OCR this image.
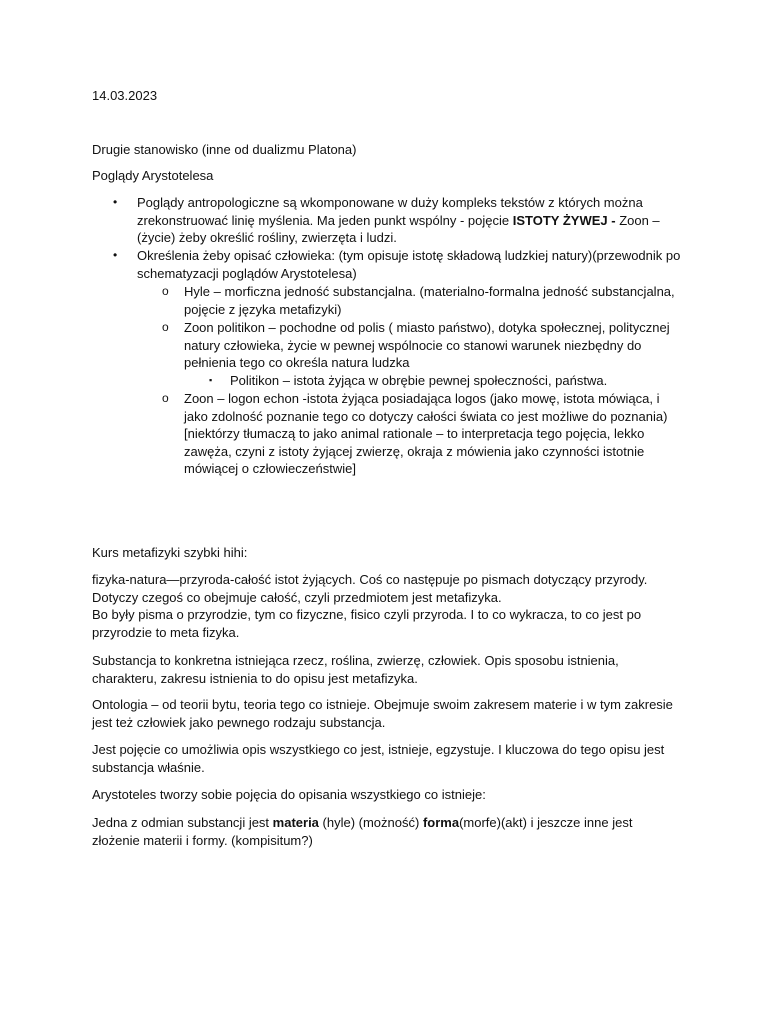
14.03.2023

Drugie stanowisko (inne od dualizmu Platona)

Poglądy Arystotelesa

• Poglądy antropologiczne są wkomponowane w duży kompleks tekstów z których można zrekonstruować linię myślenia. Ma jeden punkt wspólny - pojęcie ISTOTY ŻYWEJ - Zoon – (życie) żeby określić rośliny, zwierzęta i ludzi.

• Określenia żeby opisać człowieka: (tym opisuje istotę składową ludzkiej natury)(przewodnik po schematyzacji poglądów Arystotelesa)

o Hyle – morficzna jedność substancjalna. (materialno-formalna jedność substancjalna, pojęcie z języka metafizyki)

o Zoon politikon – pochodne od polis ( miasto państwo), dotyka społecznej, politycznej natury człowieka, życie w pewnej wspólnocie co stanowi warunek niezbędny do pełnienia tego co określa natura ludzka

▪ Politikon – istota żyjąca w obrębie pewnej społeczności, państwa.

o Zoon – logon echon -istota żyjąca posiadająca logos (jako mowę, istota mówiąca, i jako zdolność poznanie tego co dotyczy całości świata co jest możliwe do poznania)
[niektórzy tłumaczą to jako animal rationale – to interpretacja tego pojęcia, lekko zawęża, czyni z istoty żyjącej zwierzę, okraja z mówienia jako czynności istotnie mówiącej o człowieczeństwie]

Kurs metafizyki szybki hihi:

fizyka-natura—przyroda-całość istot żyjących. Coś co następuje po pismach dotyczący przyrody.
Dotyczy czegoś co obejmuje całość, czyli przedmiotem jest metafizyka.
Bo były pisma o przyrodzie, tym co fizyczne, fisico czyli przyroda. I to co wykracza, to co jest po przyrodzie to meta fizyka.

Substancja to konkretna istniejąca rzecz, roślina, zwierzę, człowiek. Opis sposobu istnienia, charakteru, zakresu istnienia to do opisu jest metafizyka.

Ontologia – od teorii bytu, teoria tego co istnieje. Obejmuje swoim zakresem materie i w tym zakresie jest też człowiek jako pewnego rodzaju substancja.

Jest pojęcie co umożliwia opis wszystkiego co jest, istnieje, egzystuje. I kluczowa do tego opisu jest substancja właśnie.

Arystoteles tworzy sobie pojęcia do opisania wszystkiego co istnieje:

Jedna z odmian substancji jest materia (hyle) (możność) forma(morfe)(akt) i jeszcze inne jest złożenie materii i formy. (kompisitum?)
